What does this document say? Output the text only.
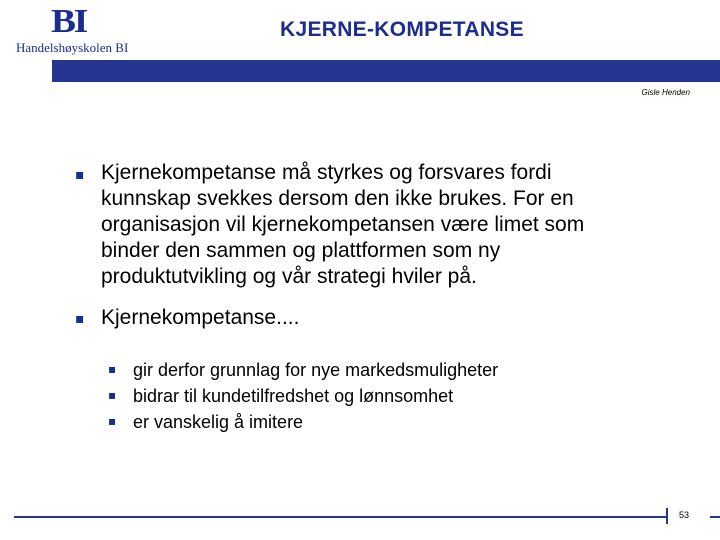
BI
Handelshøyskolen BI
KJERNE-KOMPETANSE
Gisle Henden
▪ Kjernekompetanse må styrkes og forsvares fordi kunnskap svekkes dersom den ikke brukes. For en organisasjon vil kjernekompetansen være limet som binder den sammen og plattformen som ny produktutvikling og vår strategi hviler på.
▪ Kjernekompetanse....
▪ gir derfor grunnlag for nye markedsmuligheter
▪ bidrar til kundetilfredshet og lønnsomhet
▪ er vanskelig å imitere
53
